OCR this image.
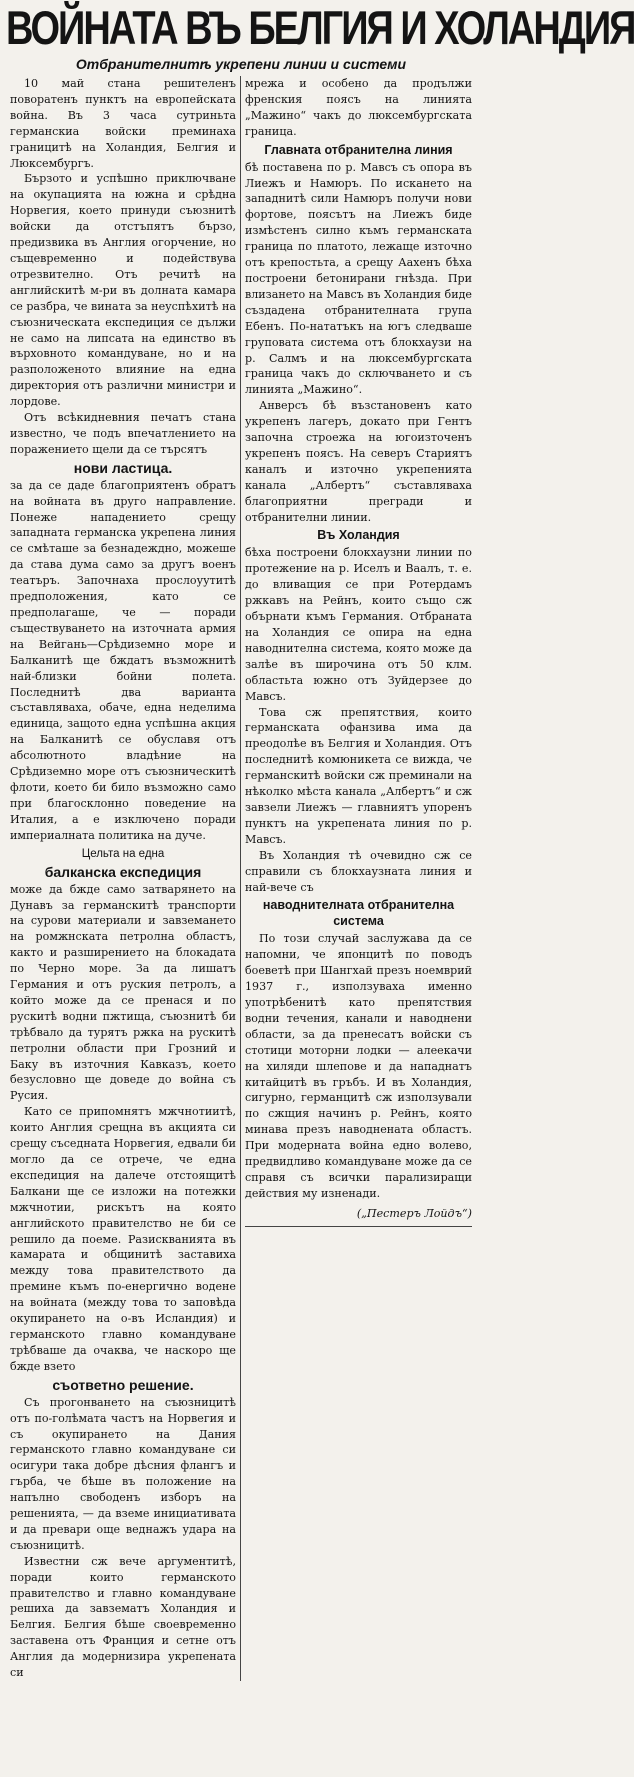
ВОЙНАТА ВЪ БЕЛГИЯ И ХОЛАНДИЯ
Отбранителнитѣ укрепени линии и системи

10 май стана решителенъ поворатенъ пунктъ на европейската война. Въ 3 часа сутриньта германскиа войски преминаха границитѣ на Холандия, Белгия и Люксембургъ.

Бързото и успѣшно приключване на окупацията на южна и срѣдна Норвегия, което принуди съюзнитѣ войски да отстъпятъ бързо, предизвика въ Англия огорчение, но същевременно и подействува отрезвително. Отъ речитѣ на английскитѣ м-ри въ долната камара се разбра, че вината за неуспѣхитѣ на съюзническата експедиция се дължи не само на липсата на единство въ върховното командуване, но и на разположеното влияние на една директория отъ различни министри и лордове.

Отъ всѣкидневния печатъ стана известно, че подъ впечатлението на поражението щели да се търсятъ

нови ластица.

за да се даде благоприятенъ обратъ на войната въ друго направление. Понеже нападението срещу западната германска укрепена линия се смѣташе за безнадеждно, можеше да става дума само за другъ военъ театъръ. Започнаха прослоуутитѣ предположения, като се предполагаше, че — поради съществуването на източната армия на Вейгань—Срѣдиземно море и Балканитѣ ще бждатъ възможнитѣ най-близки бойни полета. Последнитѣ два варианта съставляваха, обаче, една неделима единица, защото една успѣшна акция на Балканитѣ се обуславя отъ абсолютното владѣние на Срѣдиземно море отъ съюзническитѣ флоти, което би било възможно само при благосклонно поведение на Италия, а е изключено поради империалната политика на дуче.

Цельта на една
балканска експедиция

може да бжде само затварянето на Дунавъ за германскитѣ транспорти на сурови материали и завземането на ромжнската петролна областъ, както и разширението на блокадата по Черно море. За да лишатъ Германия и отъ руския петролъ, а който може да се пренася и по рускитѣ водни пжтища, съюзнитѣ би трѣбвало да турятъ ржка на рускитѣ петролни области при Грозний и Баку въ източния Кавказъ, което безусловно ще доведе до война съ Русия.

Като се припомнятъ мжчнотиитѣ, които Англия срещна въ акцията си срещу съседната Норвегия, едвали би могло да се отрече, че една експедиция на далече отстоящитѣ Балкани ще се изложи на потежки мжчнотии, рискътъ на която английското правителство не би се решило да поеме. Разискванията въ камарата и общинитѣ заставиха между това правителството да премине къмъ по-енергично водене на войната (между това то заповѣда окупирането на о-въ Исландия) и германското главно командуване трѣбваше да очаква, че наскоро ще бжде взето

съответно решение.

Съ прогонването на съюзницитѣ отъ по-голѣмата частъ на Норвегия и съ окупирането на Дания германското главно командуване си осигури така добре дѣсния флангъ и гърба, че бѣше въ положение на напълно свободенъ изборъ на решенията, — да вземе инициативата и да превари още веднажъ удара на съюзницитѣ.

Известни сж вече аргументитѣ, поради които германското правителство и главно командуване решиха да завзематъ Холандия и Белгия. Белгия бѣше своевременно заставена отъ Франция и сетне отъ Англия да модернизира укрепената си

мрежа и особено да продължи френския поясъ на линията „Мажино“ чакъ до люксембургската граница.

Главната отбранителна линия

бѣ поставена по р. Мавсъ съ опора въ Лиежъ и Намюръ. По искането на западнитѣ сили Намюръ получи нови фортове, поясътъ на Лиежъ биде измѣстенъ силно къмъ германската граница по платото, лежаще източно отъ крепостьта, а срещу Аахенъ бѣха построени бетонирани гнѣзда. При влизането на Мавсъ въ Холандия биде създадена отбранителната група Ебенъ. По-нататъкъ на югъ следваше груповата система отъ блокхаузи на р. Салмъ и на люксембургската граница чакъ до сключването и съ линията „Мажино“.

Анверсъ бѣ възстановенъ като укрепенъ лагеръ, докато при Гентъ започна строежа на югоизточенъ укрепенъ поясъ. На северъ Стариятъ каналъ и източно укрепенията канала „Албертъ“ съставляваха благоприятни прегради и отбранителни линии.

Въ Холандия

бѣха построени блокхаузни линии по протежение на р. Иселъ и Ваалъ, т. е. до вливащия се при Ротердамъ ржкавъ на Рейнъ, които също сж обърнати къмъ Германия. Отбраната на Холандия се опира на една наводнителна система, която може да залѣе въ широчина отъ 50 клм. областьта южно отъ Зуйдерзее до Мавсъ.

Това сж препятствия, които германската офанзива има да преодолѣе въ Белгия и Холандия. Отъ последнитѣ комюникета се вижда, че германскитѣ войски сж преминали на нѣколко мѣста канала „Албертъ“ и сж завзели Лиежъ — главниятъ упоренъ пунктъ на укрепената линия по р. Мавсъ.

Въ Холандия тѣ очевидно сж се справили съ блокхаузната линия и най-вече съ

наводнителната отбранителна система

По този случай заслужава да се напомни, че японцитѣ по поводъ боеветѣ при Шангхай презъ ноемврий 1937 г., използуваха именно употрѣбенитѣ като препятствия водни течения, канали и наводнени области, за да пренесатъ войски съ стотици моторни лодки — алеекачи на хиляди шлепове и да нападнатъ китайцитѣ въ гръбъ. И въ Холандия, сигурно, германцитѣ сж използували по сжщия начинъ р. Рейнъ, която минава презъ наводнената областъ. При модерната война едно волево, предвидливо командуване може да се справя съ всички парализиращи действия му изненади.

(„Пестеръ Лойдъ“)
